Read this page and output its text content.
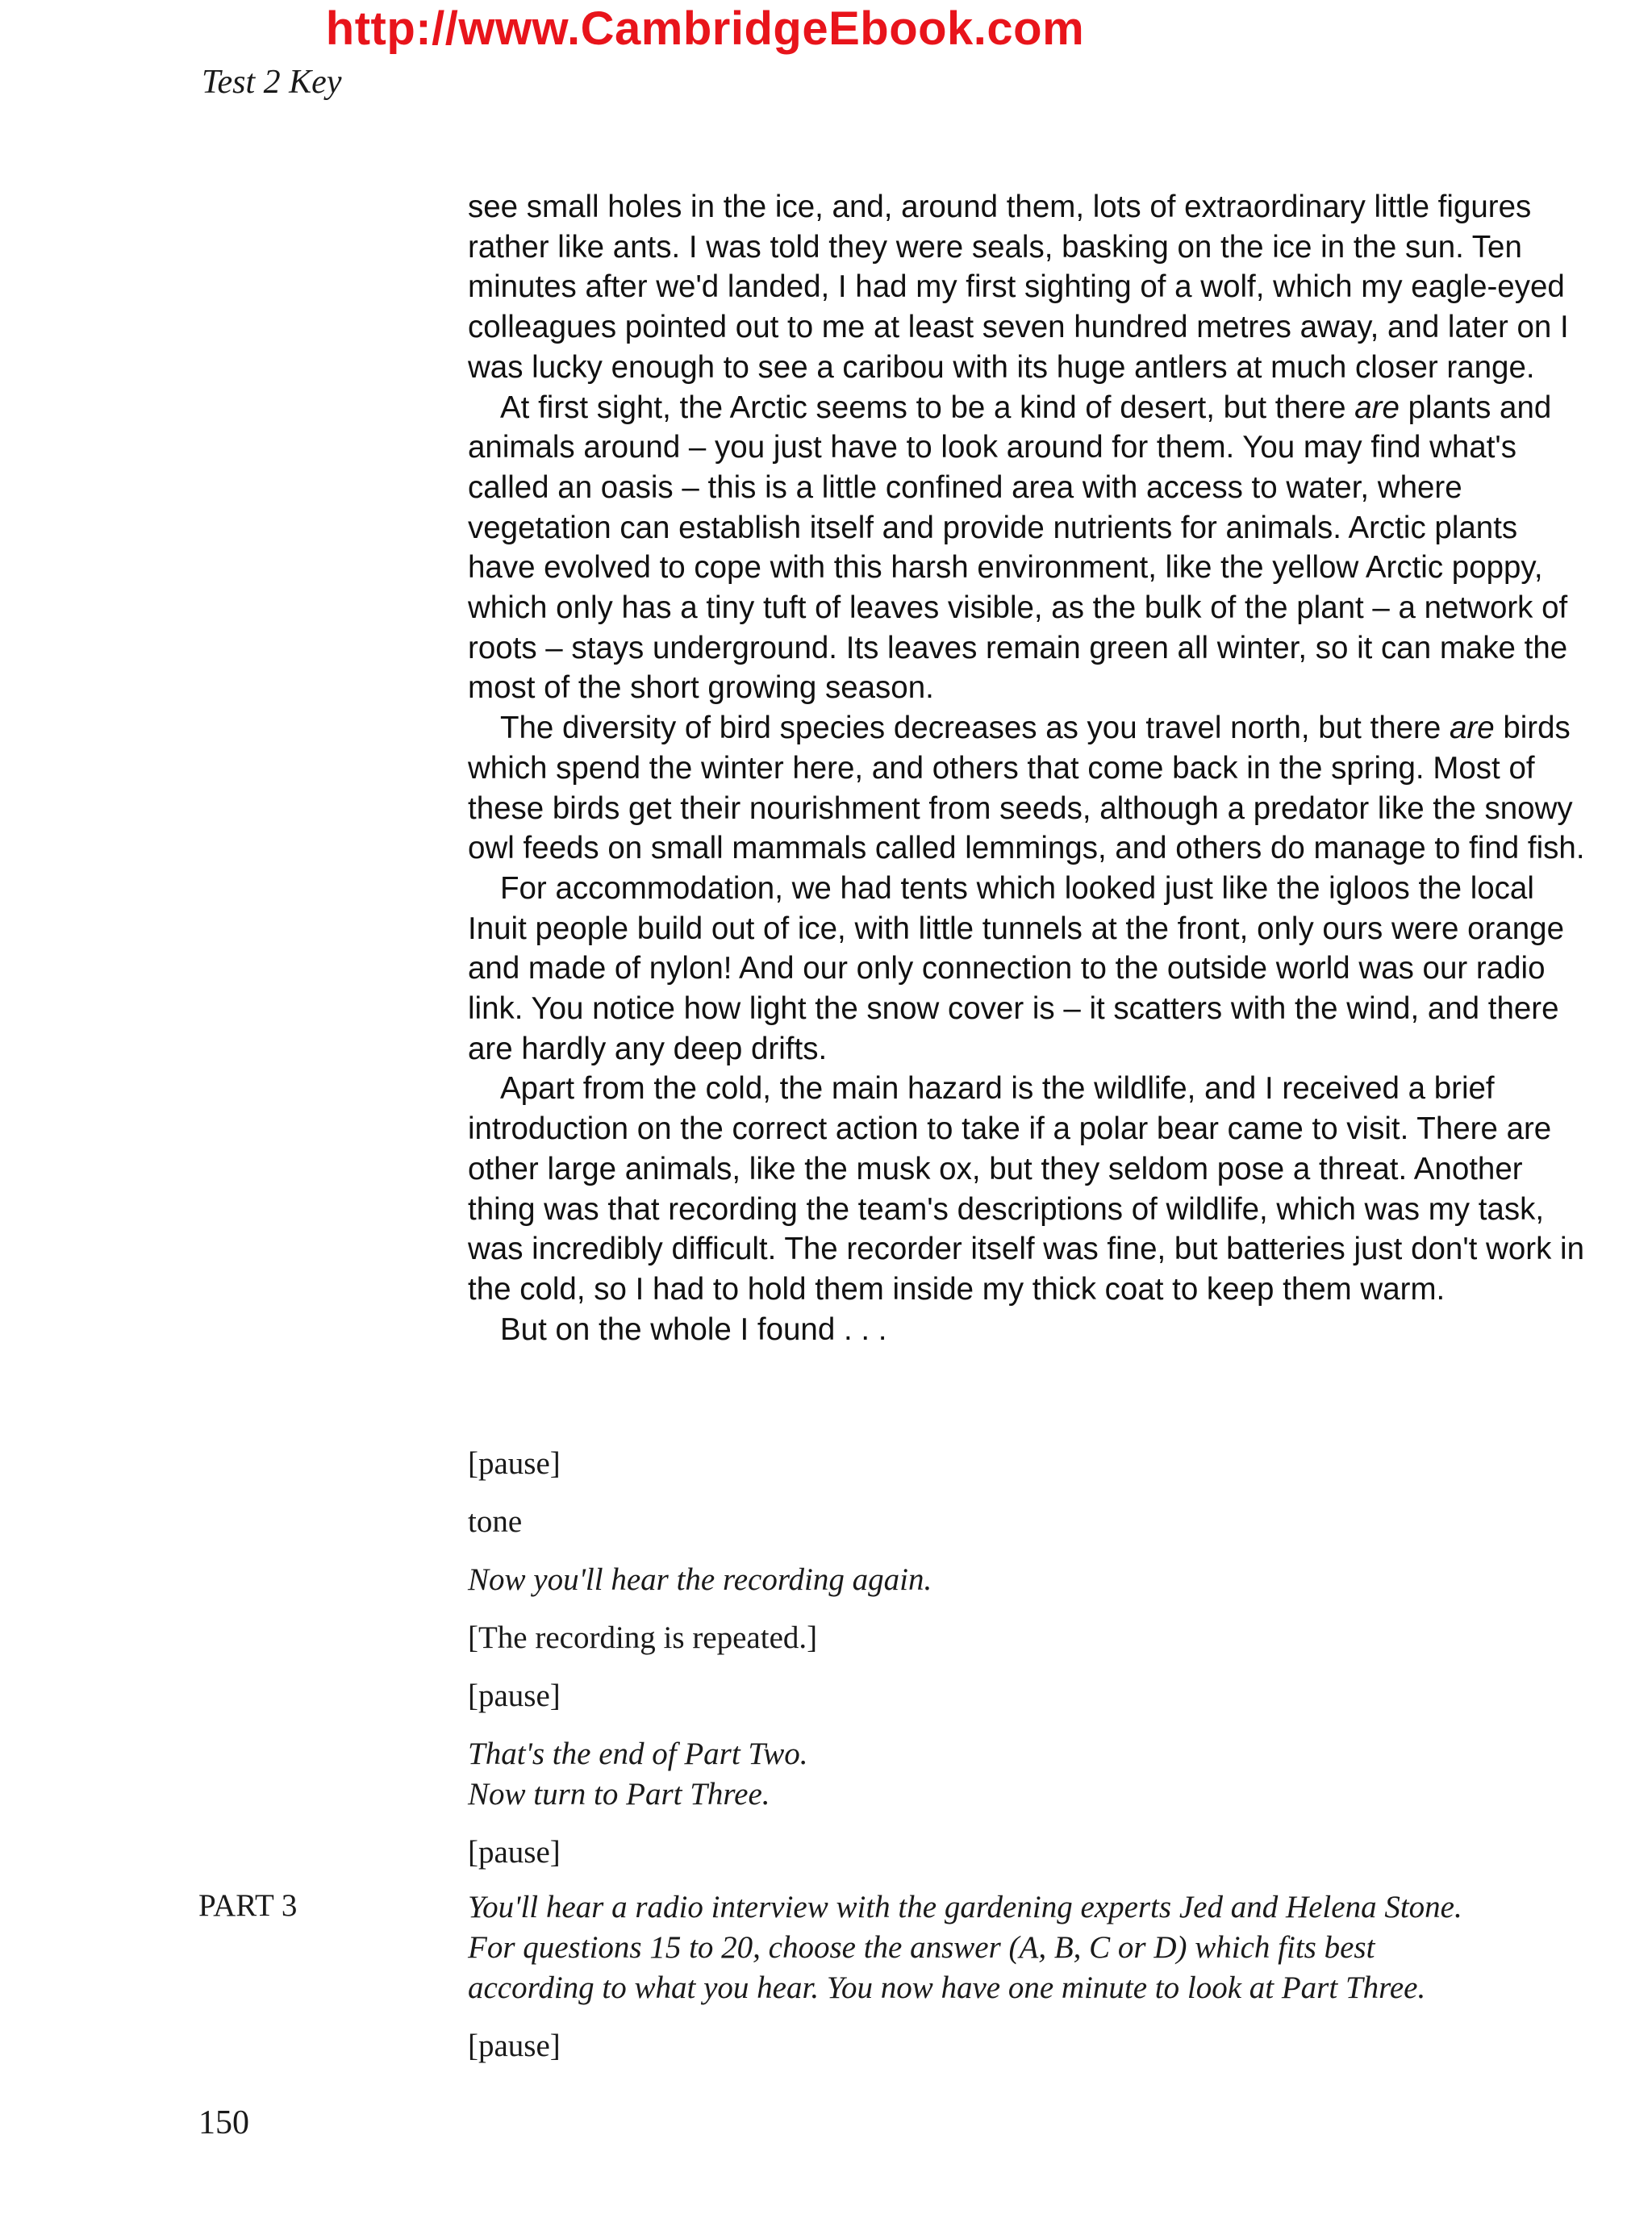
http://www.CambridgeEbook.com
Test 2 Key

see small holes in the ice, and, around them, lots of extraordinary little figures rather like ants. I was told they were seals, basking on the ice in the sun. Ten minutes after we'd landed, I had my first sighting of a wolf, which my eagle-eyed colleagues pointed out to me at least seven hundred metres away, and later on I was lucky enough to see a caribou with its huge antlers at much closer range.

At first sight, the Arctic seems to be a kind of desert, but there are plants and animals around – you just have to look around for them. You may find what's called an oasis – this is a little confined area with access to water, where vegetation can establish itself and provide nutrients for animals. Arctic plants have evolved to cope with this harsh environment, like the yellow Arctic poppy, which only has a tiny tuft of leaves visible, as the bulk of the plant – a network of roots – stays underground. Its leaves remain green all winter, so it can make the most of the short growing season.

The diversity of bird species decreases as you travel north, but there are birds which spend the winter here, and others that come back in the spring. Most of these birds get their nourishment from seeds, although a predator like the snowy owl feeds on small mammals called lemmings, and others do manage to find fish.

For accommodation, we had tents which looked just like the igloos the local Inuit people build out of ice, with little tunnels at the front, only ours were orange and made of nylon! And our only connection to the outside world was our radio link. You notice how light the snow cover is – it scatters with the wind, and there are hardly any deep drifts.

Apart from the cold, the main hazard is the wildlife, and I received a brief introduction on the correct action to take if a polar bear came to visit. There are other large animals, like the musk ox, but they seldom pose a threat. Another thing was that recording the team's descriptions of wildlife, which was my task, was incredibly difficult. The recorder itself was fine, but batteries just don't work in the cold, so I had to hold them inside my thick coat to keep them warm.

But on the whole I found . . .

[pause]
tone
Now you'll hear the recording again.
[The recording is repeated.]
[pause]
That's the end of Part Two.
Now turn to Part Three.
[pause]
PART 3	You'll hear a radio interview with the gardening experts Jed and Helena Stone.
For questions 15 to 20, choose the answer (A, B, C or D) which fits best
according to what you hear. You now have one minute to look at Part Three.
[pause]
150
